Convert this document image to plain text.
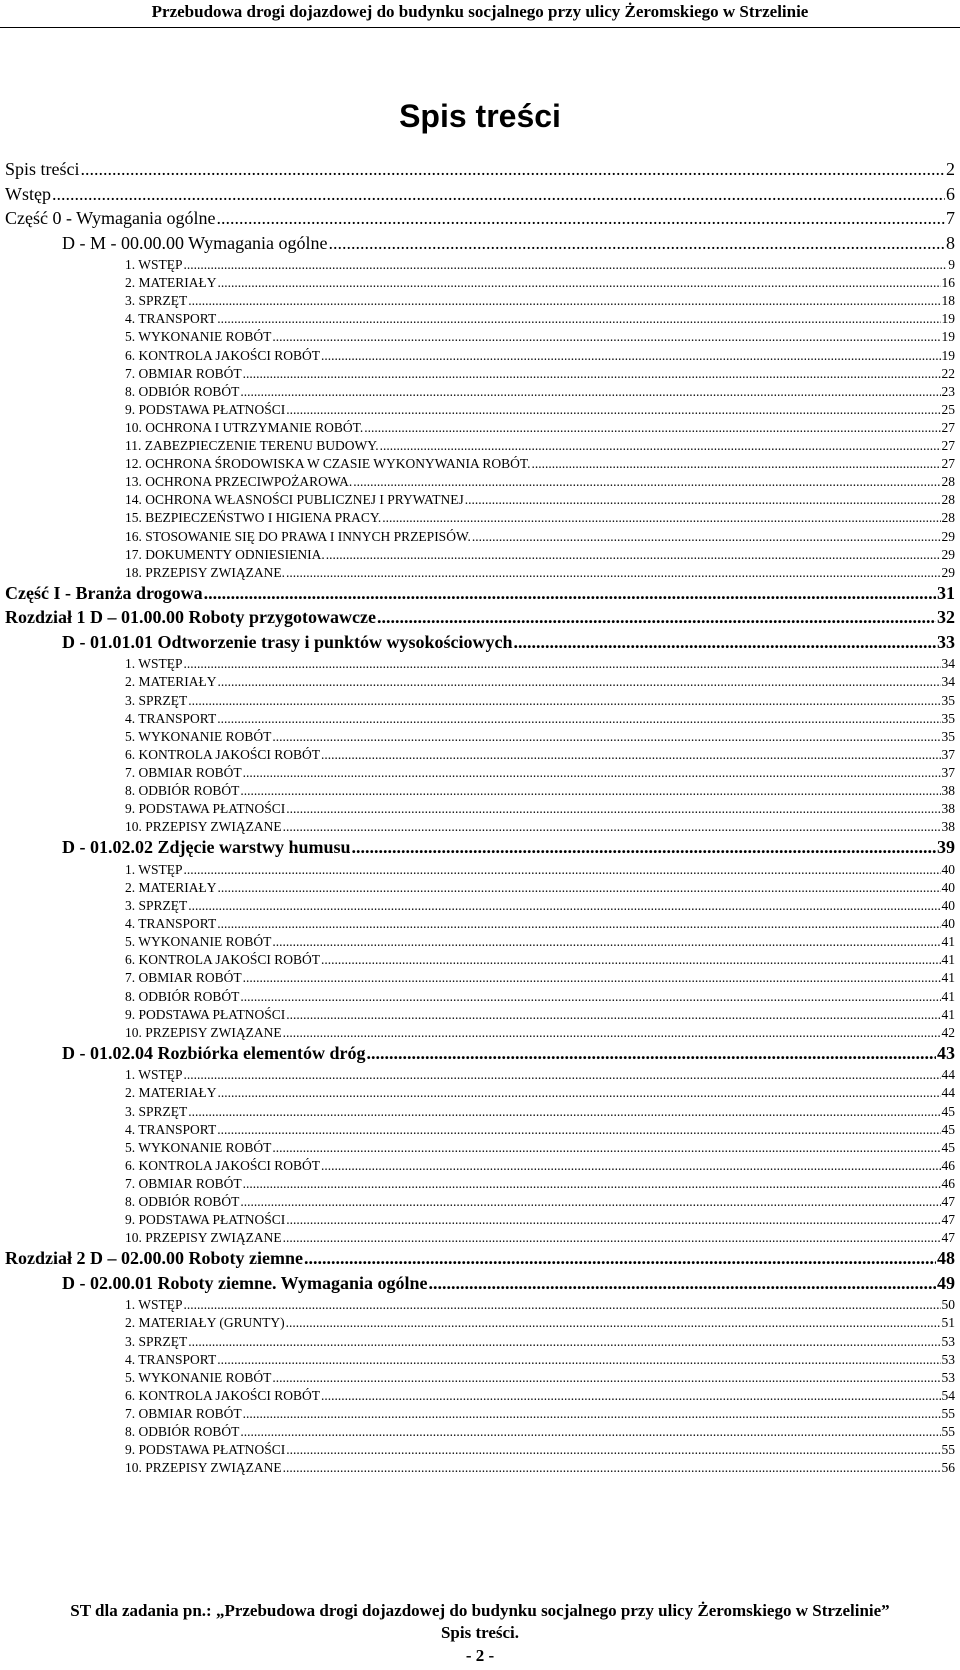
Przebudowa drogi dojazdowej do budynku socjalnego przy ulicy Żeromskiego w Strzelinie
Spis treści
Spis treści .....	2
Wstęp .....	6
Część 0 - Wymagania ogólne .....	7
D - M - 00.00.00 Wymagania ogólne .....	8
1. WSTĘP .....	9
2. MATERIAŁY .....	16
3. SPRZĘT .....	18
4. TRANSPORT .....	19
5. WYKONANIE ROBÓT .....	19
6. KONTROLA JAKOŚCI ROBÓT .....	19
7. OBMIAR ROBÓT .....	22
8. ODBIÓR ROBÓT .....	23
9. PODSTAWA PŁATNOŚCI .....	25
10. OCHRONA I UTRZYMANIE ROBÓT. .....	27
11. ZABEZPIECZENIE TERENU BUDOWY. .....	27
12. OCHRONA ŚRODOWISKA W CZASIE WYKONYWANIA ROBÓT. .....	27
13. OCHRONA PRZECIWPOŻAROWA. .....	28
14. OCHRONA WŁASNOŚCI PUBLICZNEJ I PRYWATNEJ .....	28
15. BEZPIECZEŃSTWO I HIGIENA PRACY. .....	28
16. STOSOWANIE SIĘ DO PRAWA I INNYCH PRZEPISÓW. .....	29
17. DOKUMENTY ODNIESIENIA. .....	29
18. PRZEPISY ZWIĄZANE. .....	29
Część I - Branża drogowa .....	31
Rozdział 1 D – 01.00.00 Roboty przygotowawcze .....	32
D - 01.01.01 Odtworzenie trasy i punktów wysokościowych .....	33
1. WSTĘP .....	34
2. MATERIAŁY .....	34
3. SPRZĘT .....	35
4. TRANSPORT .....	35
5. WYKONANIE ROBÓT .....	35
6. KONTROLA JAKOŚCI ROBÓT .....	37
7. OBMIAR ROBÓT .....	37
8. ODBIÓR ROBÓT .....	38
9. PODSTAWA PŁATNOŚCI .....	38
10. PRZEPISY ZWIĄZANE .....	38
D - 01.02.02 Zdjęcie warstwy humusu .....	39
1. WSTĘP .....	40
2. MATERIAŁY .....	40
3. SPRZĘT .....	40
4. TRANSPORT .....	40
5. WYKONANIE ROBÓT .....	41
6. KONTROLA JAKOŚCI ROBÓT .....	41
7. OBMIAR ROBÓT .....	41
8. ODBIÓR ROBÓT .....	41
9. PODSTAWA PŁATNOŚCI .....	41
10. PRZEPISY ZWIĄZANE .....	42
D - 01.02.04 Rozbiórka elementów dróg .....	43
1. WSTĘP .....	44
2. MATERIAŁY .....	44
3. SPRZĘT .....	45
4. TRANSPORT .....	45
5. WYKONANIE ROBÓT .....	45
6. KONTROLA JAKOŚCI ROBÓT .....	46
7. OBMIAR ROBÓT .....	46
8. ODBIÓR ROBÓT .....	47
9. PODSTAWA PŁATNOŚCI .....	47
10. PRZEPISY ZWIĄZANE .....	47
Rozdział 2 D – 02.00.00 Roboty ziemne .....	48
D - 02.00.01 Roboty ziemne. Wymagania ogólne .....	49
1. WSTĘP .....	50
2. MATERIAŁY (GRUNTY) .....	51
3. SPRZĘT .....	53
4. TRANSPORT .....	53
5. WYKONANIE ROBÓT .....	53
6. KONTROLA JAKOŚCI ROBÓT .....	54
7. OBMIAR ROBÓT .....	55
8. ODBIÓR ROBÓT .....	55
9. PODSTAWA PŁATNOŚCI .....	55
10. PRZEPISY ZWIĄZANE .....	56
ST dla zadania pn.: „Przebudowa drogi dojazdowej do budynku socjalnego przy ulicy Żeromskiego w Strzelinie”
Spis treści.
- 2 -
